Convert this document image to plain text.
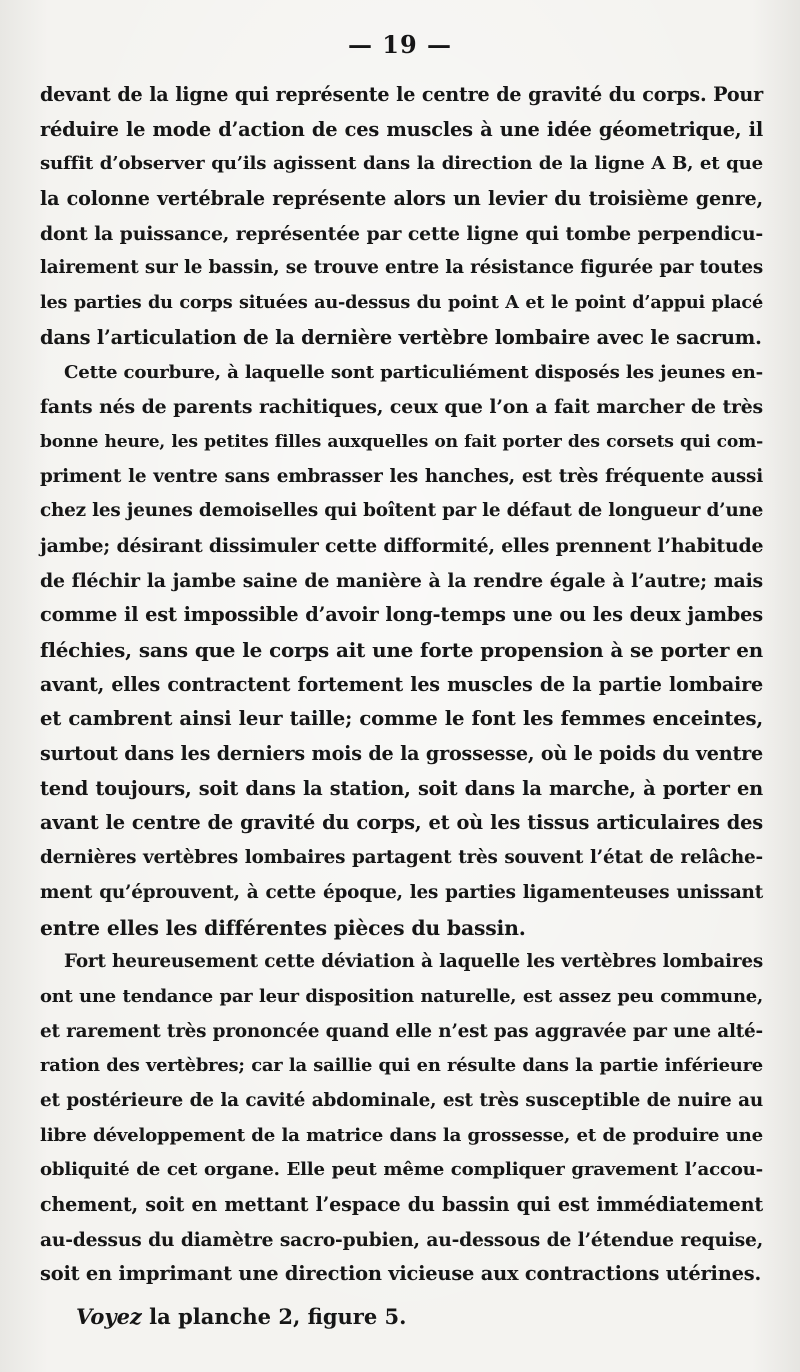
— 19 —
devant de la ligne qui représente le centre de gravité du corps. Pour
réduire le mode d’action de ces muscles à une idée géometrique, il
suffit d’observer qu’ils agissent dans la direction de la ligne A B, et que
la colonne vertébrale représente alors un levier du troisième genre,
dont la puissance, représentée par cette ligne qui tombe perpendicu-
lairement sur le bassin, se trouve entre la résistance figurée par toutes
les parties du corps situées au-dessus du point A et le point d’appui placé
dans l’articulation de la dernière vertèbre lombaire avec le sacrum.
Cette courbure, à laquelle sont particuliément disposés les jeunes en-
fants nés de parents rachitiques, ceux que l’on a fait marcher de très
bonne heure, les petites filles auxquelles on fait porter des corsets qui com-
priment le ventre sans embrasser les hanches, est très fréquente aussi
chez les jeunes demoiselles qui boîtent par le défaut de longueur d’une
jambe; désirant dissimuler cette difformité, elles prennent l’habitude
de fléchir la jambe saine de manière à la rendre égale à l’autre; mais
comme il est impossible d’avoir long-temps une ou les deux jambes
fléchies, sans que le corps ait une forte propension à se porter en
avant, elles contractent fortement les muscles de la partie lombaire
et cambrent ainsi leur taille; comme le font les femmes enceintes,
surtout dans les derniers mois de la grossesse, où le poids du ventre
tend toujours, soit dans la station, soit dans la marche, à porter en
avant le centre de gravité du corps, et où les tissus articulaires des
dernières vertèbres lombaires partagent très souvent l’état de relâche-
ment qu’éprouvent, à cette époque, les parties ligamenteuses unissant
entre elles les différentes pièces du bassin.
Fort heureusement cette déviation à laquelle les vertèbres lombaires
ont une tendance par leur disposition naturelle, est assez peu commune,
et rarement très prononcée quand elle n’est pas aggravée par une alté-
ration des vertèbres; car la saillie qui en résulte dans la partie inférieure
et postérieure de la cavité abdominale, est très susceptible de nuire au
libre développement de la matrice dans la grossesse, et de produire une
obliquité de cet organe. Elle peut même compliquer gravement l’accou-
chement, soit en mettant l’espace du bassin qui est immédiatement
au-dessus du diamètre sacro-pubien, au-dessous de l’étendue requise,
soit en imprimant une direction vicieuse aux contractions utérines.
Voyez la planche 2, figure 5.
